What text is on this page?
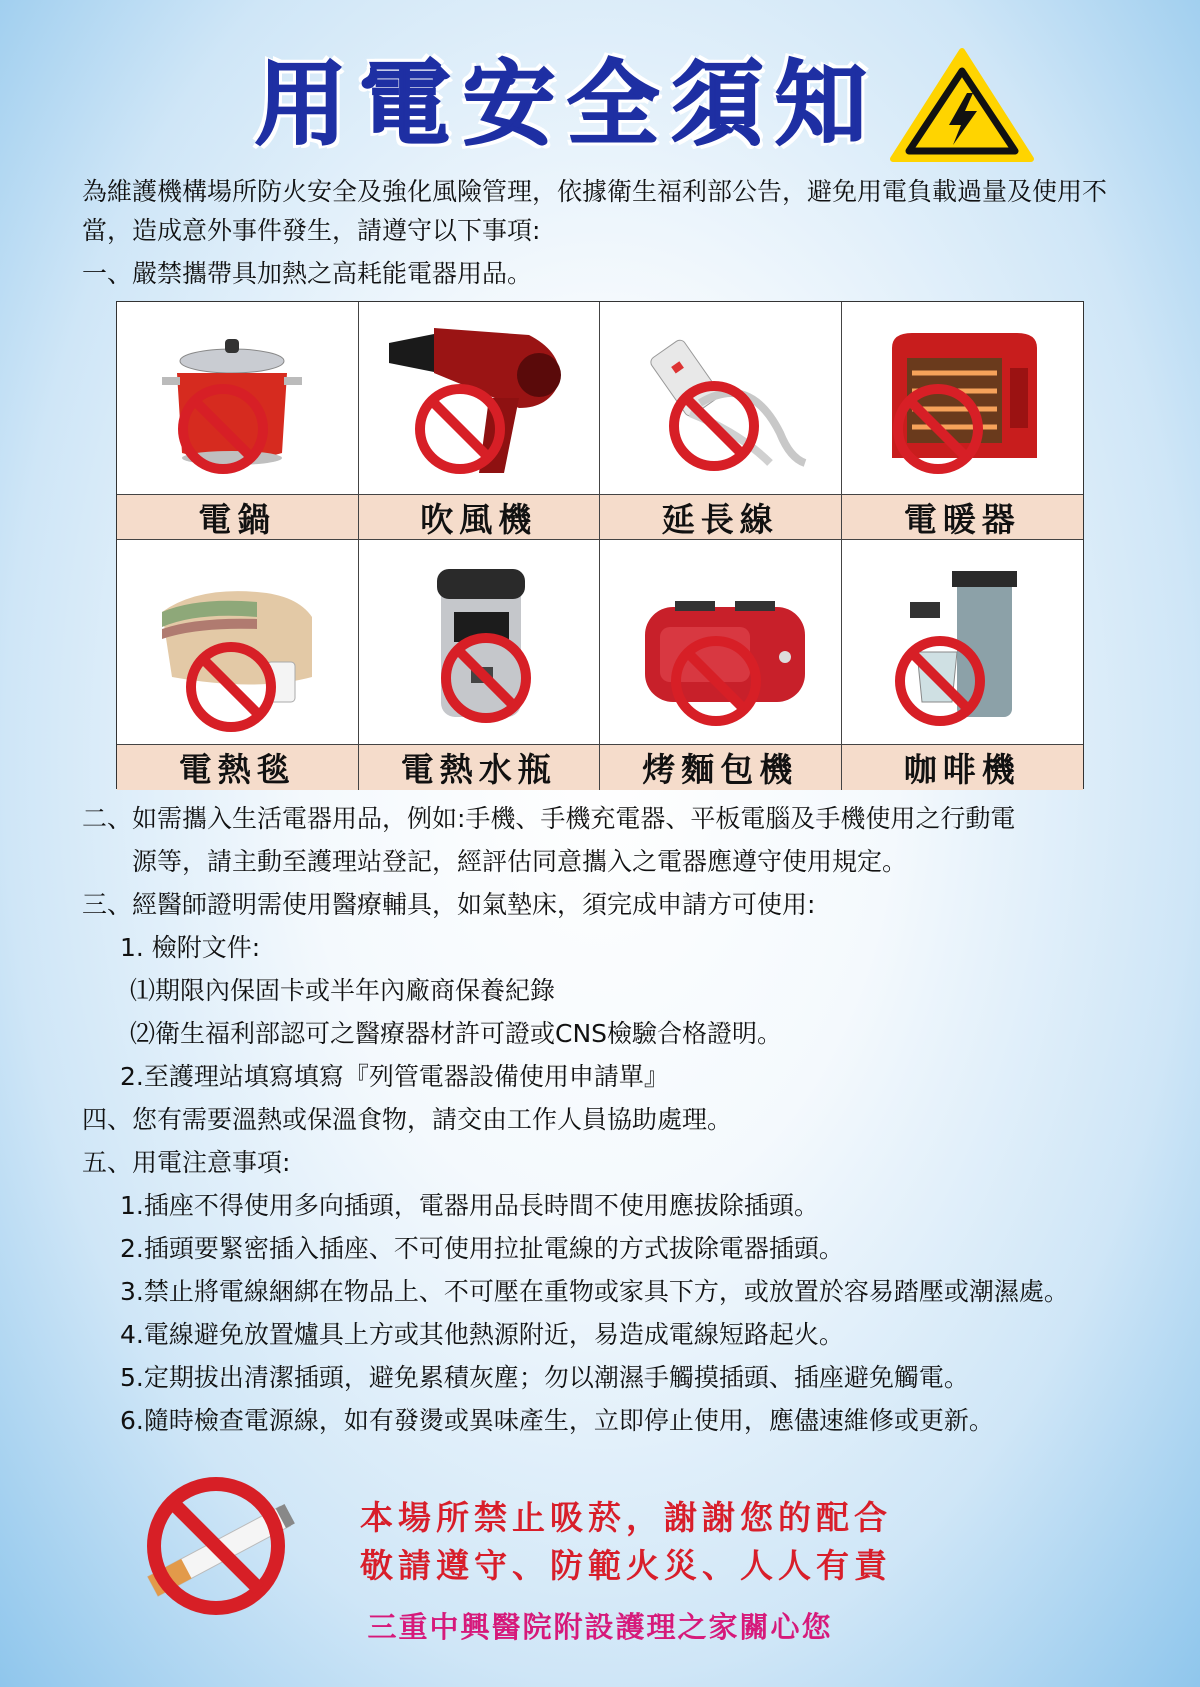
用電安全須知
為維護機構場所防火安全及強化風險管理，依據衛生福利部公告，避免用電負載過量及使用不當，造成意外事件發生，請遵守以下事項:
一、嚴禁攜帶具加熱之高耗能電器用品。
電鍋	吹風機	延長線	電暖器
電熱毯	電熱水瓶	烤麵包機	咖啡機
二、如需攜入生活電器用品，例如:手機、手機充電器、平板電腦及手機使用之行動電
源等，請主動至護理站登記，經評估同意攜入之電器應遵守使用規定。
三、經醫師證明需使用醫療輔具，如氣墊床，須完成申請方可使用:
1. 檢附文件:
⑴期限內保固卡或半年內廠商保養紀錄
⑵衛生福利部認可之醫療器材許可證或CNS檢驗合格證明。
2.至護理站填寫填寫『列管電器設備使用申請單』
四、您有需要溫熱或保溫食物，請交由工作人員協助處理。
五、用電注意事項:
1.插座不得使用多向插頭，電器用品長時間不使用應拔除插頭。
2.插頭要緊密插入插座、不可使用拉扯電線的方式拔除電器插頭。
3.禁止將電線綑綁在物品上、不可壓在重物或家具下方，或放置於容易踏壓或潮濕處。
4.電線避免放置爐具上方或其他熱源附近，易造成電線短路起火。
5.定期拔出清潔插頭，避免累積灰塵；勿以潮濕手觸摸插頭、插座避免觸電。
6.隨時檢查電源線，如有發燙或異味產生，立即停止使用，應儘速維修或更新。
本場所禁止吸菸，謝謝您的配合
敬請遵守、防範火災、人人有責
三重中興醫院附設護理之家關心您
